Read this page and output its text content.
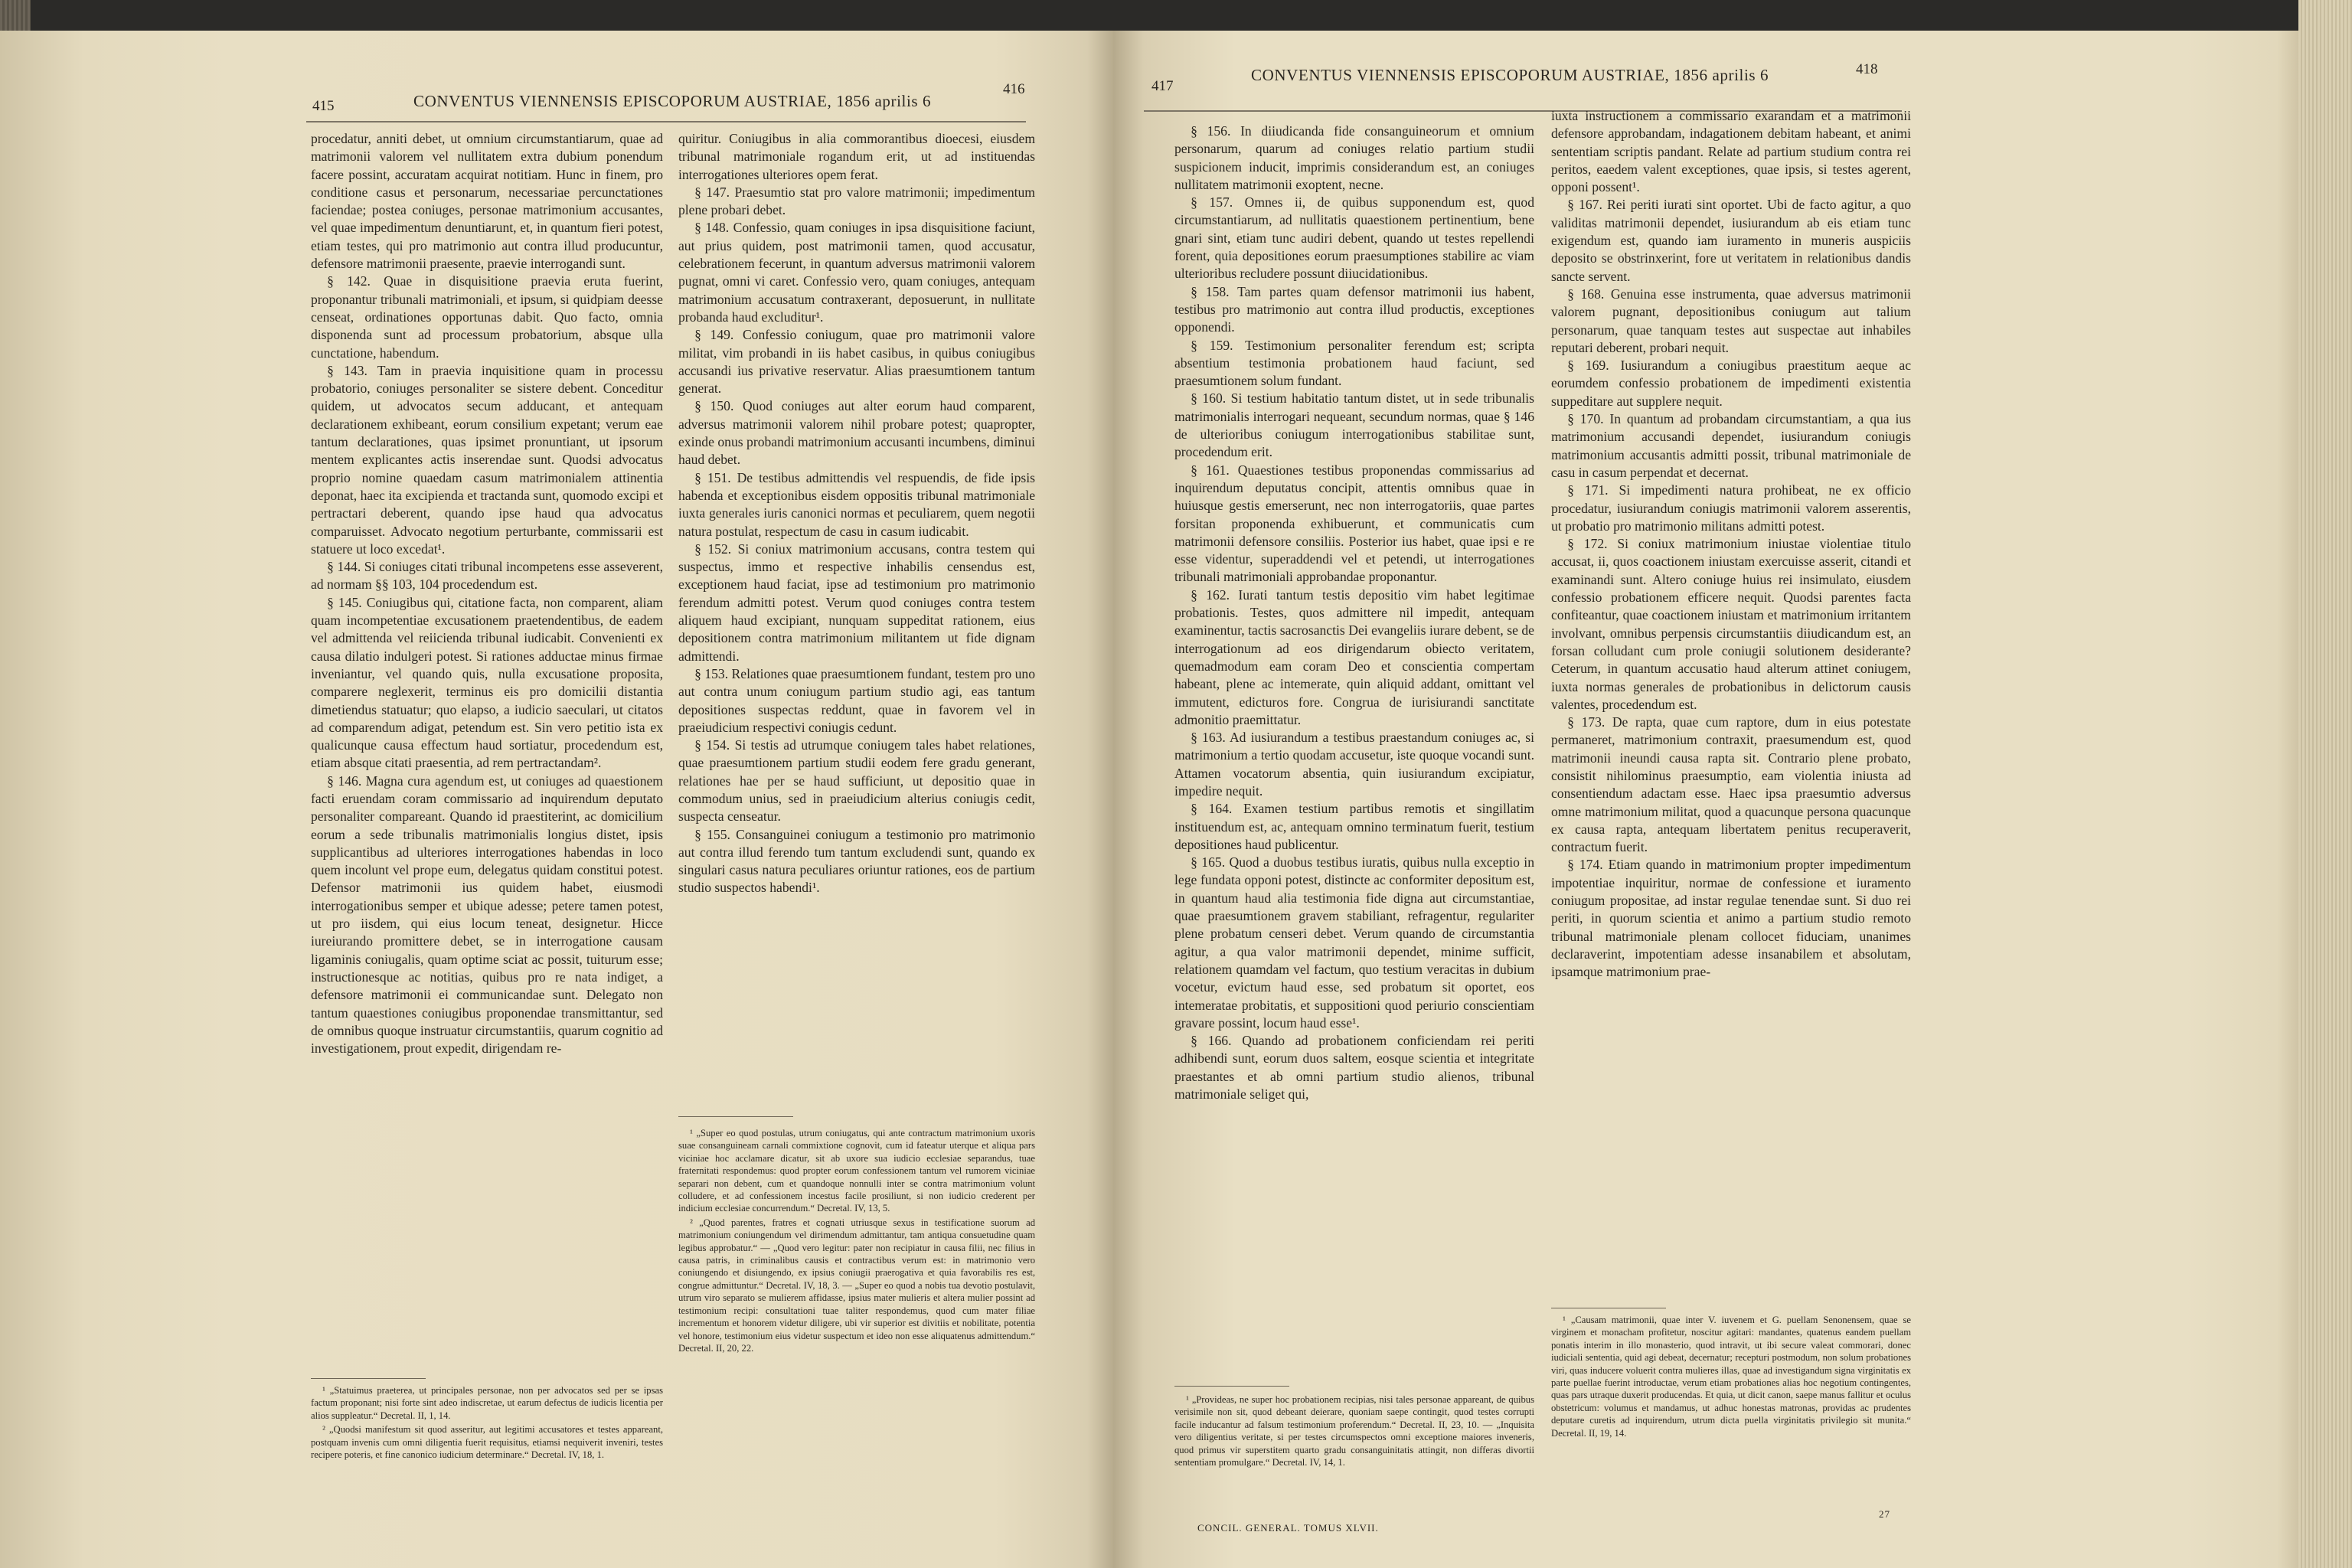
415	CONVENTUS VIENNENSIS EPISCOPORUM AUSTRIAE, 1856 aprilis 6
416

procedatur, anniti debet, ut omnium circumstantiarum, quae ad matrimonii valorem vel nullitatem extra dubium ponendum facere possint, accuratam acquirat notitiam. Hunc in finem, pro conditione casus et personarum, necessariae percunctationes faciendae; postea coniuges, personae matrimonium accusantes, vel quae impedimentum denuntiarunt, et, in quantum fieri potest, etiam testes, qui pro matrimonio aut contra illud producuntur, defensore matrimonii praesente, praevie interrogandi sunt.

§ 142. Quae in disquisitione praevia eruta fuerint, proponantur tribunali matrimoniali, et ipsum, si quidpiam deesse censeat, ordinationes opportunas dabit. Quo facto, omnia disponenda sunt ad processum probatorium, absque ulla cunctatione, habendum.

§ 143. Tam in praevia inquisitione quam in processu probatorio, coniuges personaliter se sistere debent. Conceditur quidem, ut advocatos secum adducant, et antequam declarationem exhibeant, eorum consilium expetant; verum eae tantum declarationes, quas ipsimet pronuntiant, ut ipsorum mentem explicantes actis inserendae sunt. Quodsi advocatus proprio nomine quaedam casum matrimonialem attinentia deponat, haec ita excipienda et tractanda sunt, quomodo excipi et pertractari deberent, quando ipse haud qua advocatus comparuisset. Advocato negotium perturbante, commissarii est statuere ut loco excedat¹.

§ 144. Si coniuges citati tribunal incompetens esse asseverent, ad normam §§ 103, 104 procedendum est.

§ 145. Coniugibus qui, citatione facta, non comparent, aliam quam incompetentiae excusationem praetendentibus, de eadem vel admittenda vel reiicienda tribunal iudicabit. Convenienti ex causa dilatio indulgeri potest. Si rationes adductae minus firmae inveniantur, vel quando quis, nulla excusatione proposita, comparere neglexerit, terminus eis pro domicilii distantia dimetiendus statuatur; quo elapso, a iudicio saeculari, ut citatos ad comparendum adigat, petendum est. Sin vero petitio ista ex qualicunque causa effectum haud sortiatur, procedendum est, etiam absque citati praesentia, ad rem pertractandam².

§ 146. Magna cura agendum est, ut coniuges ad quaestionem facti eruendam coram commissario ad inquirendum deputato personaliter compareant. Quando id praestiterint, ac domicilium eorum a sede tribunalis matrimonialis longius distet, ipsis supplicantibus ad ulteriores interrogationes habendas in loco quem incolunt vel prope eum, delegatus quidam constitui potest. Defensor matrimonii ius quidem habet, eiusmodi interrogationibus semper et ubique adesse; petere tamen potest, ut pro iisdem, qui eius locum teneat, designetur. Hicce iureiurando promittere debet, se in interrogatione causam ligaminis coniugalis, quam optime sciat ac possit, tuiturum esse; instructionesque ac notitias, quibus pro re nata indiget, a defensore matrimonii ei communicandae sunt. Delegato non tantum quaestiones coniugibus proponendae transmittantur, sed de omnibus quoque instruatur circumstantiis, quarum cognitio ad investigationem, prout expedit, dirigendam re-

¹ „Statuimus praeterea, ut principales personae, non per advocatos sed per se ipsas factum proponant; nisi forte sint adeo indiscretae, ut earum defectus de iudicis licentia per alios suppleatur.“ Decretal. II, 1, 14.

² „Quodsi manifestum sit quod asseritur, aut legitimi accusatores et testes appareant, postquam invenis cum omni diligentia fuerit requisitus, etiamsi nequiverit inveniri, testes recipere poteris, et fine canonico iudicium determinare.“ Decretal. IV, 18, 1.

quiritur. Coniugibus in alia commorantibus dioecesi, eiusdem tribunal matrimoniale rogandum erit, ut ad instituendas interrogationes ulteriores opem ferat.

§ 147. Praesumtio stat pro valore matrimonii; impedimentum plene probari debet.

§ 148. Confessio, quam coniuges in ipsa disquisitione faciunt, aut prius quidem, post matrimonii tamen, quod accusatur, celebrationem fecerunt, in quantum adversus matrimonii valorem pugnat, omni vi caret. Confessio vero, quam coniuges, antequam matrimonium accusatum contraxerant, deposuerunt, in nullitate probanda haud excluditur¹.

§ 149. Confessio coniugum, quae pro matrimonii valore militat, vim probandi in iis habet casibus, in quibus coniugibus accusandi ius privative reservatur. Alias praesumtionem tantum generat.

§ 150. Quod coniuges aut alter eorum haud comparent, adversus matrimonii valorem nihil probare potest; quapropter, exinde onus probandi matrimonium accusanti incumbens, diminui haud debet.

§ 151. De testibus admittendis vel respuendis, de fide ipsis habenda et exceptionibus eisdem oppositis tribunal matrimoniale iuxta generales iuris canonici normas et peculiarem, quem negotii natura postulat, respectum de casu in casum iudicabit.

§ 152. Si coniux matrimonium accusans, contra testem qui suspectus, immo et respective inhabilis censendus est, exceptionem haud faciat, ipse ad testimonium pro matrimonio ferendum admitti potest. Verum quod coniuges contra testem aliquem haud excipiant, nunquam suppeditat rationem, eius depositionem contra matrimonium militantem ut fide dignam admittendi.

§ 153. Relationes quae praesumtionem fundant, testem pro uno aut contra unum coniugum partium studio agi, eas tantum depositiones suspectas reddunt, quae in favorem vel in praeiudicium respectivi coniugis cedunt.

§ 154. Si testis ad utrumque coniugem tales habet relationes, quae praesumtionem partium studii eodem fere gradu generant, relationes hae per se haud sufficiunt, ut depositio quae in commodum unius, sed in praeiudicium alterius coniugis cedit, suspecta censeatur.

§ 155. Consanguinei coniugum a testimonio pro matrimonio aut contra illud ferendo tum tantum excludendi sunt, quando ex singulari casus natura peculiares oriuntur rationes, eos de partium studio suspectos habendi¹.

¹ „Super eo quod postulas, utrum coniugatus, qui ante contractum matrimonium uxoris suae consanguineam carnali commixtione cognovit, cum id fateatur uterque et aliqua pars viciniae hoc acclamare dicatur, sit ab uxore sua iudicio ecclesiae separandus, tuae fraternitati respondemus: quod propter eorum confessionem tantum vel rumorem viciniae separari non debent, cum et quandoque nonnulli inter se contra matrimonium volunt colludere, et ad confessionem incestus facile prosiliunt, si non iudicio crederent per indicium ecclesiae concurrendum.“ Decretal. IV, 13, 5.

² „Quod parentes, fratres et cognati utriusque sexus in testificatione suorum ad matrimonium coniungendum vel dirimendum admittantur, tam antiqua consuetudine quam legibus approbatur.“ — „Quod vero legitur: pater non recipiatur in causa filii, nec filius in causa patris, in criminalibus causis et contractibus verum est: in matrimonio vero coniungendo et disiungendo, ex ipsius coniugii praerogativa et quia favorabilis res est, congrue admittuntur.“ Decretal. IV, 18, 3. — „Super eo quod a nobis tua devotio postulavit, utrum viro separato se mulierem affidasse, ipsius mater mulieris et altera mulier possint ad testimonium recipi: consultationi tuae taliter respondemus, quod cum mater filiae incrementum et honorem videtur diligere, ubi vir superior est divitiis et nobilitate, potentia vel honore, testimonium eius videtur suspectum et ideo non esse aliquatenus admittendum.“ Decretal. II, 20, 22.

417
CONVENTUS VIENNENSIS EPISCOPORUM AUSTRIAE, 1856 aprilis 6	418

§ 156. In diiudicanda fide consanguineorum et omnium personarum, quarum ad coniuges relatio partium studii suspicionem inducit, imprimis considerandum est, an coniuges nullitatem matrimonii exoptent, necne.

§ 157. Omnes ii, de quibus supponendum est, quod circumstantiarum, ad nullitatis quaestionem pertinentium, bene gnari sint, etiam tunc audiri debent, quando ut testes repellendi forent, quia depositiones eorum praesumptiones stabilire ac viam ulterioribus recludere possunt diiucidationibus.

§ 158. Tam partes quam defensor matrimonii ius habent, testibus pro matrimonio aut contra illud productis, exceptiones opponendi.

§ 159. Testimonium personaliter ferendum est; scripta absentium testimonia probationem haud faciunt, sed praesumtionem solum fundant.

§ 160. Si testium habitatio tantum distet, ut in sede tribunalis matrimonialis interrogari nequeant, secundum normas, quae § 146 de ulterioribus coniugum interrogationibus stabilitae sunt, procedendum erit.

§ 161. Quaestiones testibus proponendas commissarius ad inquirendum deputatus concipit, attentis omnibus quae in huiusque gestis emerserunt, nec non interrogatoriis, quae partes forsitan proponenda exhibuerunt, et communicatis cum matrimonii defensore consiliis. Posterior ius habet, quae ipsi e re esse videntur, superaddendi vel et petendi, ut interrogationes tribunali matrimoniali approbandae proponantur.

§ 162. Iurati tantum testis depositio vim habet legitimae probationis. Testes, quos admittere nil impedit, antequam examinentur, tactis sacrosanctis Dei evangeliis iurare debent, se de interrogationum ad eos dirigendarum obiecto veritatem, quemadmodum eam coram Deo et conscientia compertam habeant, plene ac intemerate, quin aliquid addant, omittant vel immutent, edicturos fore. Congrua de iurisiurandi sanctitate admonitio praemittatur.

§ 163. Ad iusiurandum a testibus praestandum coniuges ac, si matrimonium a tertio quodam accusetur, iste quoque vocandi sunt. Attamen vocatorum absentia, quin iusiurandum excipiatur, impedire nequit.

§ 164. Examen testium partibus remotis et singillatim instituendum est, ac, antequam omnino terminatum fuerit, testium depositiones haud publicentur.

§ 165. Quod a duobus testibus iuratis, quibus nulla exceptio in lege fundata opponi potest, distincte ac conformiter depositum est, in quantum haud alia testimonia fide digna aut circumstantiae, quae praesumtionem gravem stabiliant, refragentur, regulariter plene probatum censeri debet. Verum quando de circumstantia agitur, a qua valor matrimonii dependet, minime sufficit, relationem quamdam vel factum, quo testium veracitas in dubium vocetur, evictum haud esse, sed probatum sit oportet, eos intemeratae probitatis, et suppositioni quod periurio conscientiam gravare possint, locum haud esse¹.

§ 166. Quando ad probationem conficiendam rei periti adhibendi sunt, eorum duos saltem, eosque scientia et integritate praestantes et ab omni partium studio alienos, tribunal matrimoniale seliget qui,

¹ „Provideas, ne super hoc probationem recipias, nisi tales personae appareant, de quibus verisimile non sit, quod debeant deierare, quoniam saepe contingit, quod testes corrupti facile inducantur ad falsum testimonium proferendum.“ Decretal. II, 23, 10. — „Inquisita vero diligentius veritate, si per testes circumspectos omni exceptione maiores inveneris, quod primus vir superstitem quarto gradu consanguinitatis attingit, non differas divortii sententiam promulgare.“ Decretal. IV, 14, 1.

CONCIL. GENERAL. TOMUS XLVII.

iuxta instructionem a commissario exarandam et a matrimonii defensore approbandam, indagationem debitam habeant, et animi sententiam scriptis pandant. Relate ad partium studium contra rei peritos, eaedem valent exceptiones, quae ipsis, si testes agerent, opponi possent¹.

§ 167. Rei periti iurati sint oportet. Ubi de facto agitur, a quo validitas matrimonii dependet, iusiurandum ab eis etiam tunc exigendum est, quando iam iuramento in muneris auspiciis deposito se obstrinxerint, fore ut veritatem in relationibus dandis sancte servent.

§ 168. Genuina esse instrumenta, quae adversus matrimonii valorem pugnant, depositionibus coniugum aut talium personarum, quae tanquam testes aut suspectae aut inhabiles reputari deberent, probari nequit.

§ 169. Iusiurandum a coniugibus praestitum aeque ac eorumdem confessio probationem de impedimenti existentia suppeditare aut supplere nequit.

§ 170. In quantum ad probandam circumstantiam, a qua ius matrimonium accusandi dependet, iusiurandum coniugis matrimonium accusantis admitti possit, tribunal matrimoniale de casu in casum perpendat et decernat.

§ 171. Si impedimenti natura prohibeat, ne ex officio procedatur, iusiurandum coniugis matrimonii valorem asserentis, ut probatio pro matrimonio militans admitti potest.

§ 172. Si coniux matrimonium iniustae violentiae titulo accusat, ii, quos coactionem iniustam exercuisse asserit, citandi et examinandi sunt. Altero coniuge huius rei insimulato, eiusdem confessio probationem efficere nequit. Quodsi parentes facta confiteantur, quae coactionem iniustam et matrimonium irritantem involvant, omnibus perpensis circumstantiis diiudicandum est, an forsan colludant cum prole coniugii solutionem desiderante? Ceterum, in quantum accusatio haud alterum attinet coniugem, iuxta normas generales de probationibus in delictorum causis valentes, procedendum est.

§ 173. De rapta, quae cum raptore, dum in eius potestate permaneret, matrimonium contraxit, praesumendum est, quod matrimonii ineundi causa rapta sit. Contrario plene probato, consistit nihilominus praesumptio, eam violentia iniusta ad consentiendum adactam esse. Haec ipsa praesumtio adversus omne matrimonium militat, quod a quacunque persona quacunque ex causa rapta, antequam libertatem penitus recuperaverit, contractum fuerit.

§ 174. Etiam quando in matrimonium propter impedimentum impotentiae inquiritur, normae de confessione et iuramento coniugum propositae, ad instar regulae tenendae sunt. Si duo rei periti, in quorum scientia et animo a partium studio remoto tribunal matrimoniale plenam collocet fiduciam, unanimes declaraverint, impotentiam adesse insanabilem et absolutam, ipsamque matrimonium prae-

¹ „Causam matrimonii, quae inter V. iuvenem et G. puellam Senonensem, quae se virginem et monacham profitetur, noscitur agitari: mandantes, quatenus eandem puellam ponatis interim in illo monasterio, quod intravit, ut ibi secure valeat commorari, donec iudiciali sententia, quid agi debeat, decernatur; recepturi postmodum, non solum probationes viri, quas inducere voluerit contra mulieres illas, quae ad investigandum signa virginitatis ex parte puellae fuerint introductae, verum etiam probationes alias hoc negotium contingentes, quas pars utraque duxerit producendas. Et quia, ut dicit canon, saepe manus fallitur et oculus obstetricum: volumus et mandamus, ut adhuc honestas matronas, providas ac prudentes deputare curetis ad inquirendum, utrum dicta puella virginitatis privilegio sit munita.“ Decretal. II, 19, 14.

27
